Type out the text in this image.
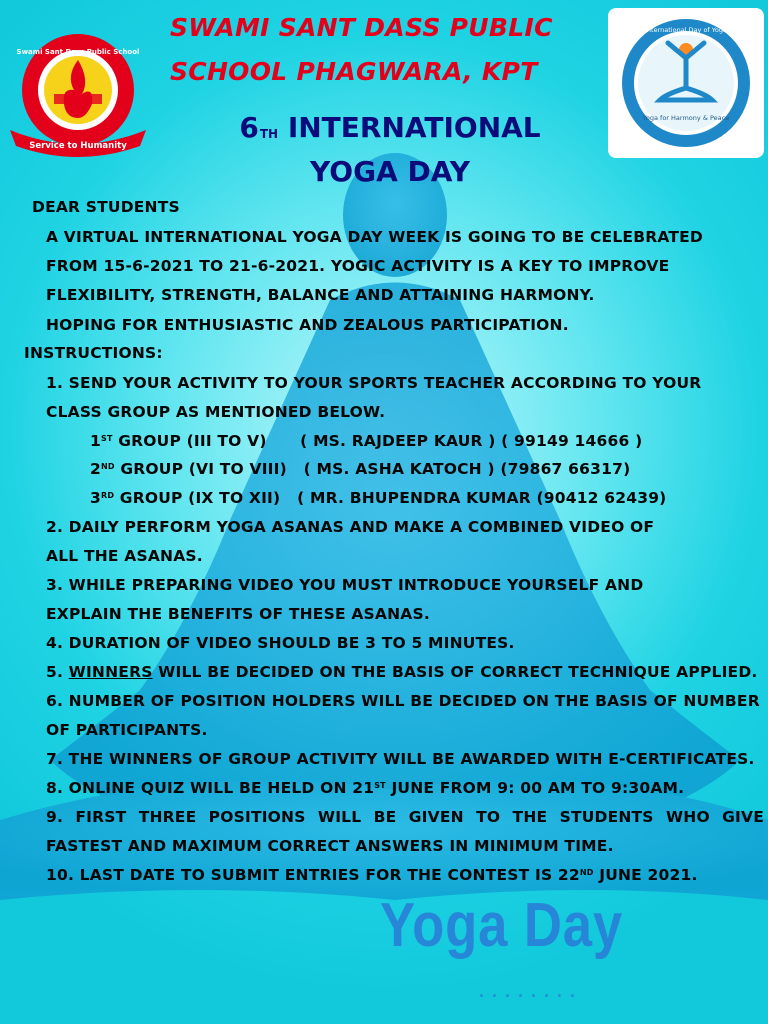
Service to Humanity
Swami Sant Dass Public School
Yoga for Harmony & Peace
International Day of Yoga
SWAMI SANT DASS PUBLIC
SCHOOL PHAGWARA, KPT
6TH INTERNATIONAL
YOGA DAY
DEAR STUDENTS
A VIRTUAL INTERNATIONAL YOGA DAY WEEK IS GOING TO BE CELEBRATED
FROM 15-6-2021 TO 21-6-2021. YOGIC ACTIVITY IS A KEY TO IMPROVE
FLEXIBILITY, STRENGTH, BALANCE AND ATTAINING HARMONY.
HOPING FOR ENTHUSIASTIC AND ZEALOUS PARTICIPATION.
INSTRUCTIONS:
1. SEND YOUR ACTIVITY TO YOUR SPORTS TEACHER ACCORDING TO YOUR
CLASS GROUP AS MENTIONED BELOW.
1ST GROUP (III TO V)      ( MS. RAJDEEP KAUR ) ( 99149 14666 )
2ND GROUP (VI TO VIII)   ( MS. ASHA KATOCH ) (79867 66317)
3RD GROUP (IX TO XII)   ( MR. BHUPENDRA KUMAR (90412 62439)
2. DAILY PERFORM YOGA ASANAS AND MAKE A COMBINED VIDEO OF
ALL THE ASANAS.
3. WHILE PREPARING VIDEO YOU MUST INTRODUCE YOURSELF AND
EXPLAIN THE BENEFITS OF THESE ASANAS.
4. DURATION OF VIDEO SHOULD BE 3 TO 5 MINUTES.
5. WINNERS WILL BE DECIDED ON THE BASIS OF CORRECT TECHNIQUE APPLIED.
6. NUMBER OF POSITION HOLDERS WILL BE DECIDED ON THE BASIS OF NUMBER
OF PARTICIPANTS.
7. THE WINNERS OF GROUP ACTIVITY WILL BE AWARDED WITH E-CERTIFICATES.
8. ONLINE QUIZ WILL BE HELD ON 21ST JUNE FROM 9: 00 AM TO 9:30AM.
9. FIRST THREE POSITIONS WILL BE GIVEN TO THE STUDENTS WHO GIVE
FASTEST AND MAXIMUM CORRECT ANSWERS IN MINIMUM TIME.
10. LAST DATE TO SUBMIT ENTRIES FOR THE CONTEST IS 22ND JUNE 2021.
Yoga Day
........
